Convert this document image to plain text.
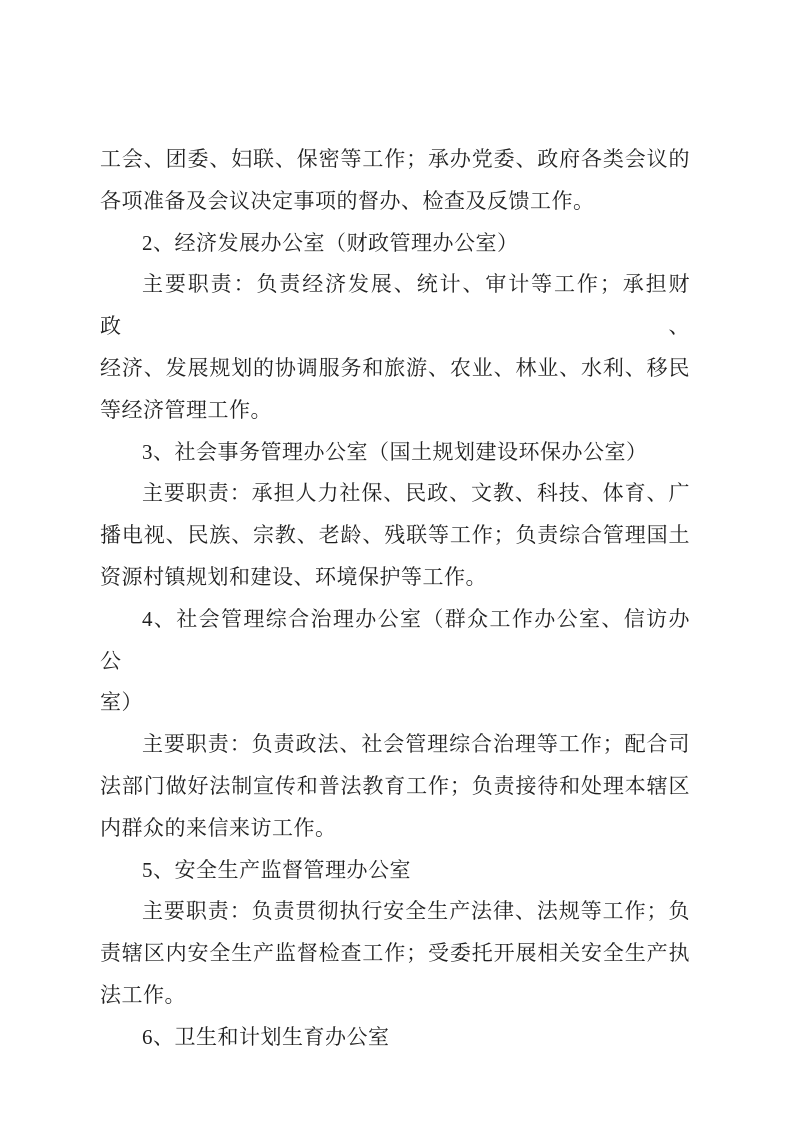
工会、团委、妇联、保密等工作；承办党委、政府各类会议的
各项准备及会议决定事项的督办、检查及反馈工作。
2、经济发展办公室（财政管理办公室）
主要职责：负责经济发展、统计、审计等工作；承担财政、
经济、发展规划的协调服务和旅游、农业、林业、水利、移民
等经济管理工作。
3、社会事务管理办公室（国土规划建设环保办公室）
主要职责：承担人力社保、民政、文教、科技、体育、广
播电视、民族、宗教、老龄、残联等工作；负责综合管理国土
资源村镇规划和建设、环境保护等工作。
4、社会管理综合治理办公室（群众工作办公室、信访办公
室）
主要职责：负责政法、社会管理综合治理等工作；配合司
法部门做好法制宣传和普法教育工作；负责接待和处理本辖区
内群众的来信来访工作。
5、安全生产监督管理办公室
主要职责：负责贯彻执行安全生产法律、法规等工作；负
责辖区内安全生产监督检查工作；受委托开展相关安全生产执
法工作。
6、卫生和计划生育办公室
